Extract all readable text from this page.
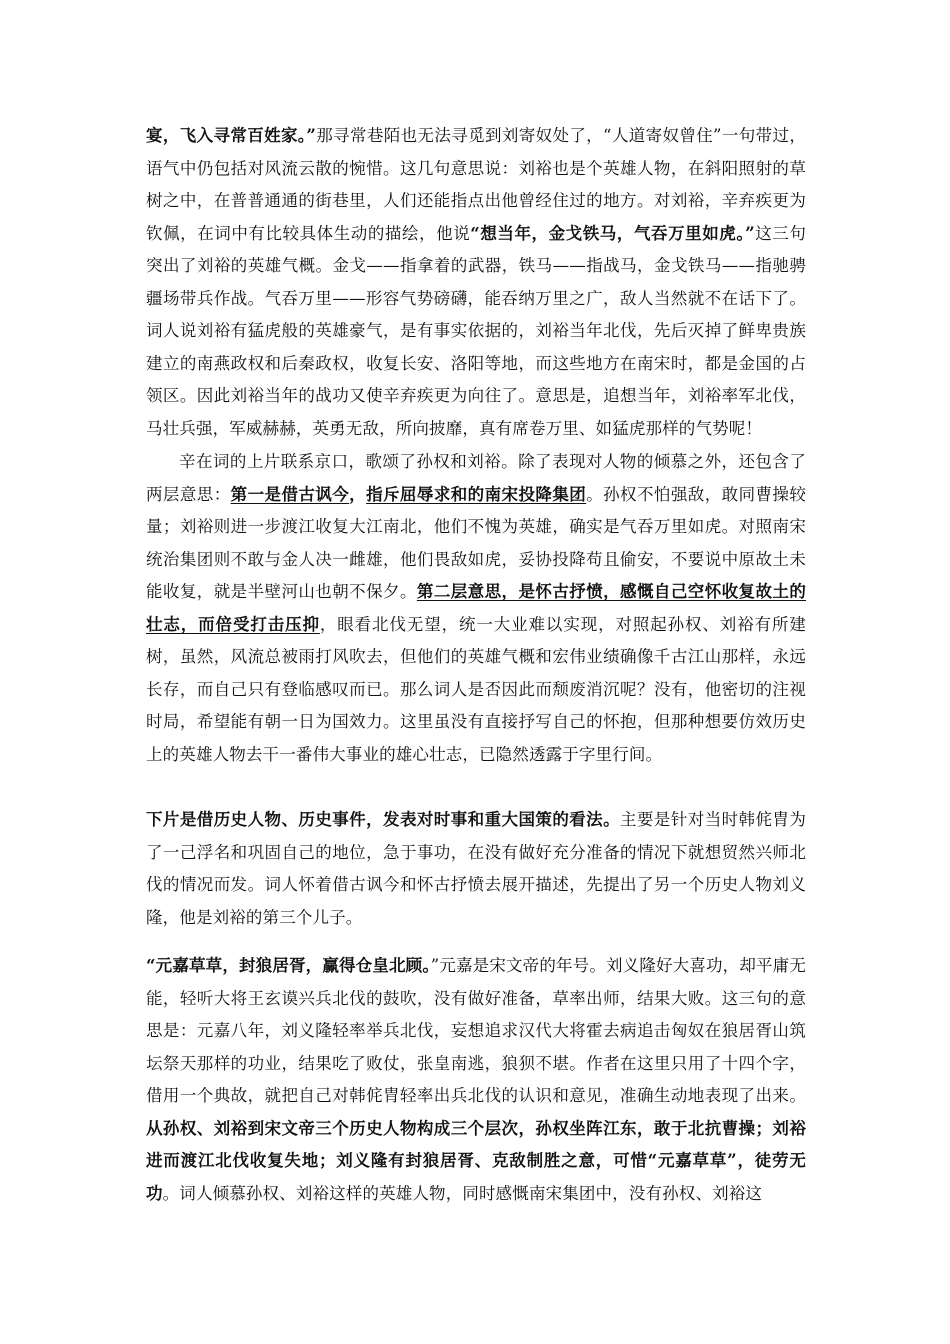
宴，飞入寻常百姓家。”那寻常巷陌也无法寻觅到刘寄奴处了，“人道寄奴曾住”一句带过，语气中仍包括对风流云散的惋惜。这几句意思说：刘裕也是个英雄人物，在斜阳照射的草树之中，在普普通通的街巷里，人们还能指点出他曾经住过的地方。对刘裕，辛弃疾更为钦佩，在词中有比较具体生动的描绘，他说“想当年，金戈铁马，气吞万里如虎。”这三句突出了刘裕的英雄气概。金戈——指拿着的武器，铁马——指战马，金戈铁马——指驰骋疆场带兵作战。气吞万里——形容气势磅礴，能吞纳万里之广，敌人当然就不在话下了。词人说刘裕有猛虎般的英雄豪气，是有事实依据的，刘裕当年北伐，先后灭掉了鲜卑贵族建立的南燕政权和后秦政权，收复长安、洛阳等地，而这些地方在南宋时，都是金国的占领区。因此刘裕当年的战功又使辛弃疾更为向往了。意思是，追想当年，刘裕率军北伐，马壮兵强，军威赫赫，英勇无敌，所向披靡，真有席卷万里、如猛虎那样的气势呢！

辛在词的上片联系京口，歌颂了孙权和刘裕。除了表现对人物的倾慕之外，还包含了两层意思：第一是借古讽今，指斥屈辱求和的南宋投降集团。孙权不怕强敌，敢同曹操较量；刘裕则进一步渡江收复大江南北，他们不愧为英雄，确实是气吞万里如虎。对照南宋统治集团则不敢与金人决一雌雄，他们畏敌如虎，妥协投降苟且偷安，不要说中原故土未能收复，就是半壁河山也朝不保夕。第二层意思，是怀古抒愤，感慨自己空怀收复故土的壮志，而倍受打击压抑，眼看北伐无望，统一大业难以实现，对照起孙权、刘裕有所建树，虽然，风流总被雨打风吹去，但他们的英雄气概和宏伟业绩确像千古江山那样，永远长存，而自己只有登临感叹而已。那么词人是否因此而颓废消沉呢？没有，他密切的注视时局，希望能有朝一日为国效力。这里虽没有直接抒写自己的怀抱，但那种想要仿效历史上的英雄人物去干一番伟大事业的雄心壮志，已隐然透露于字里行间。

下片是借历史人物、历史事件，发表对时事和重大国策的看法。主要是针对当时韩侂胄为了一己浮名和巩固自己的地位，急于事功，在没有做好充分准备的情况下就想贸然兴师北伐的情况而发。词人怀着借古讽今和怀古抒愤去展开描述，先提出了另一个历史人物刘义隆，他是刘裕的第三个儿子。

“元嘉草草，封狼居胥，赢得仓皇北顾。”元嘉是宋文帝的年号。刘义隆好大喜功，却平庸无能，轻听大将王玄谟兴兵北伐的鼓吹，没有做好准备，草率出师，结果大败。这三句的意思是：元嘉八年，刘义隆轻率举兵北伐，妄想追求汉代大将霍去病追击匈奴在狼居胥山筑坛祭天那样的功业，结果吃了败仗，张皇南逃，狼狈不堪。作者在这里只用了十四个字，借用一个典故，就把自己对韩侂胄轻率出兵北伐的认识和意见，准确生动地表现了出来。从孙权、刘裕到宋文帝三个历史人物构成三个层次，孙权坐阵江东，敢于北抗曹操；刘裕进而渡江北伐收复失地；刘义隆有封狼居胥、克敌制胜之意，可惜“元嘉草草”，徒劳无功。词人倾慕孙权、刘裕这样的英雄人物，同时感慨南宋集团中，没有孙权、刘裕这
